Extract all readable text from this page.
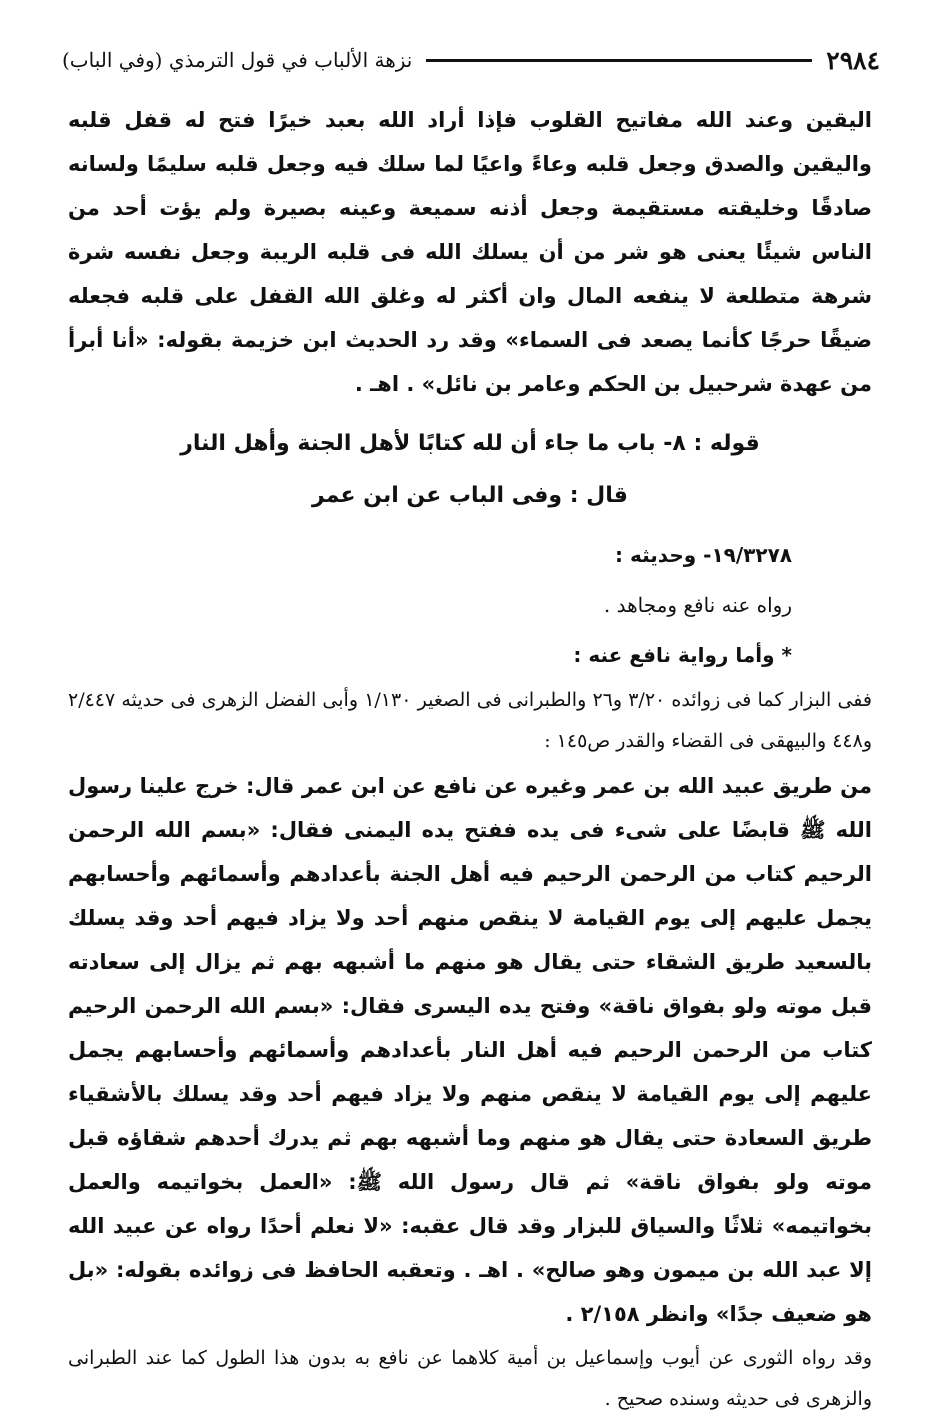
٢٩٨٤
نزهة الألباب في قول الترمذي (وفي الباب)

اليقين وعند الله مفاتيح القلوب فإذا أراد الله بعبد خيرًا فتح له قفل قلبه واليقين والصدق وجعل قلبه وعاءً واعيًا لما سلك فيه وجعل قلبه سليمًا ولسانه صادقًا وخليقته مستقيمة وجعل أذنه سميعة وعينه بصيرة ولم يؤت أحد من الناس شيئًا يعنى هو شر من أن يسلك الله فى قلبه الريبة وجعل نفسه شرة شرهة متطلعة لا ينفعه المال وان أكثر له وغلق الله القفل على قلبه فجعله ضيقًا حرجًا كأنما يصعد فى السماء» وقد رد الحديث ابن خزيمة بقوله: «أنا أبرأ من عهدة شرحبيل بن الحكم وعامر بن نائل» . اهـ .

قوله : ٨- باب ما جاء أن لله كتابًا لأهل الجنة وأهل النار

قال : وفى الباب عن ابن عمر

١٩/٣٢٧٨- وحديثه :

رواه عنه نافع ومجاهد .

* وأما رواية نافع عنه :

ففى البزار كما فى زوائده ٣/٢٠ و٢٦ والطبرانى فى الصغير ١/١٣٠ وأبى الفضل الزهرى فى حديثه ٢/٤٤٧ و٤٤٨ والبيهقى فى القضاء والقدر ص١٤٥ :

من طريق عبيد الله بن عمر وغيره عن نافع عن ابن عمر قال: خرج علينا رسول الله ﷺ قابضًا على شىء فى يده ففتح يده اليمنى فقال: «بسم الله الرحمن الرحيم كتاب من الرحمن الرحيم فيه أهل الجنة بأعدادهم وأسمائهم وأحسابهم يجمل عليهم إلى يوم القيامة لا ينقص منهم أحد ولا يزاد فيهم أحد وقد يسلك بالسعيد طريق الشقاء حتى يقال هو منهم ما أشبهه بهم ثم يزال إلى سعادته قبل موته ولو بفواق ناقة» وفتح يده اليسرى فقال: «بسم الله الرحمن الرحيم كتاب من الرحمن الرحيم فيه أهل النار بأعدادهم وأسمائهم وأحسابهم يجمل عليهم إلى يوم القيامة لا ينقص منهم ولا يزاد فيهم أحد وقد يسلك بالأشقياء طريق السعادة حتى يقال هو منهم وما أشبهه بهم ثم يدرك أحدهم شقاؤه قبل موته ولو بفواق ناقة» ثم قال رسول الله ﷺ: «العمل بخواتيمه والعمل بخواتيمه» ثلاثًا والسياق للبزار وقد قال عقبه: «لا نعلم أحدًا رواه عن عبيد الله إلا عبد الله بن ميمون وهو صالح» . اهـ . وتعقبه الحافظ فى زوائده بقوله: «بل هو ضعيف جدًا» وانظر ٢/١٥٨ .

وقد رواه الثورى عن أيوب وإسماعيل بن أمية كلاهما عن نافع به بدون هذا الطول كما عند الطبرانى والزهرى فى حديثه وسنده صحيح .
